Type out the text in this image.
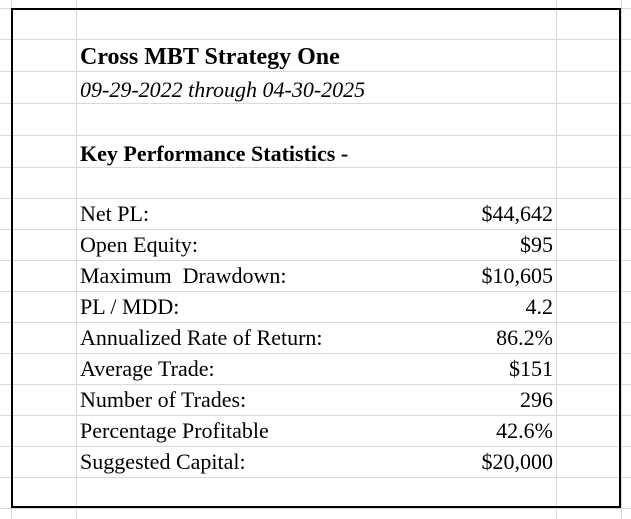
Cross MBT Strategy One
09-29-2022 through 04-30-2025
Key Performance Statistics -
Net PL:	$44,642
Open Equity:	$95
Maximum  Drawdown:	$10,605
PL / MDD:	4.2
Annualized Rate of Return:	86.2%
Average Trade:	$151
Number of Trades:	296
Percentage Profitable	42.6%
Suggested Capital:	$20,000
